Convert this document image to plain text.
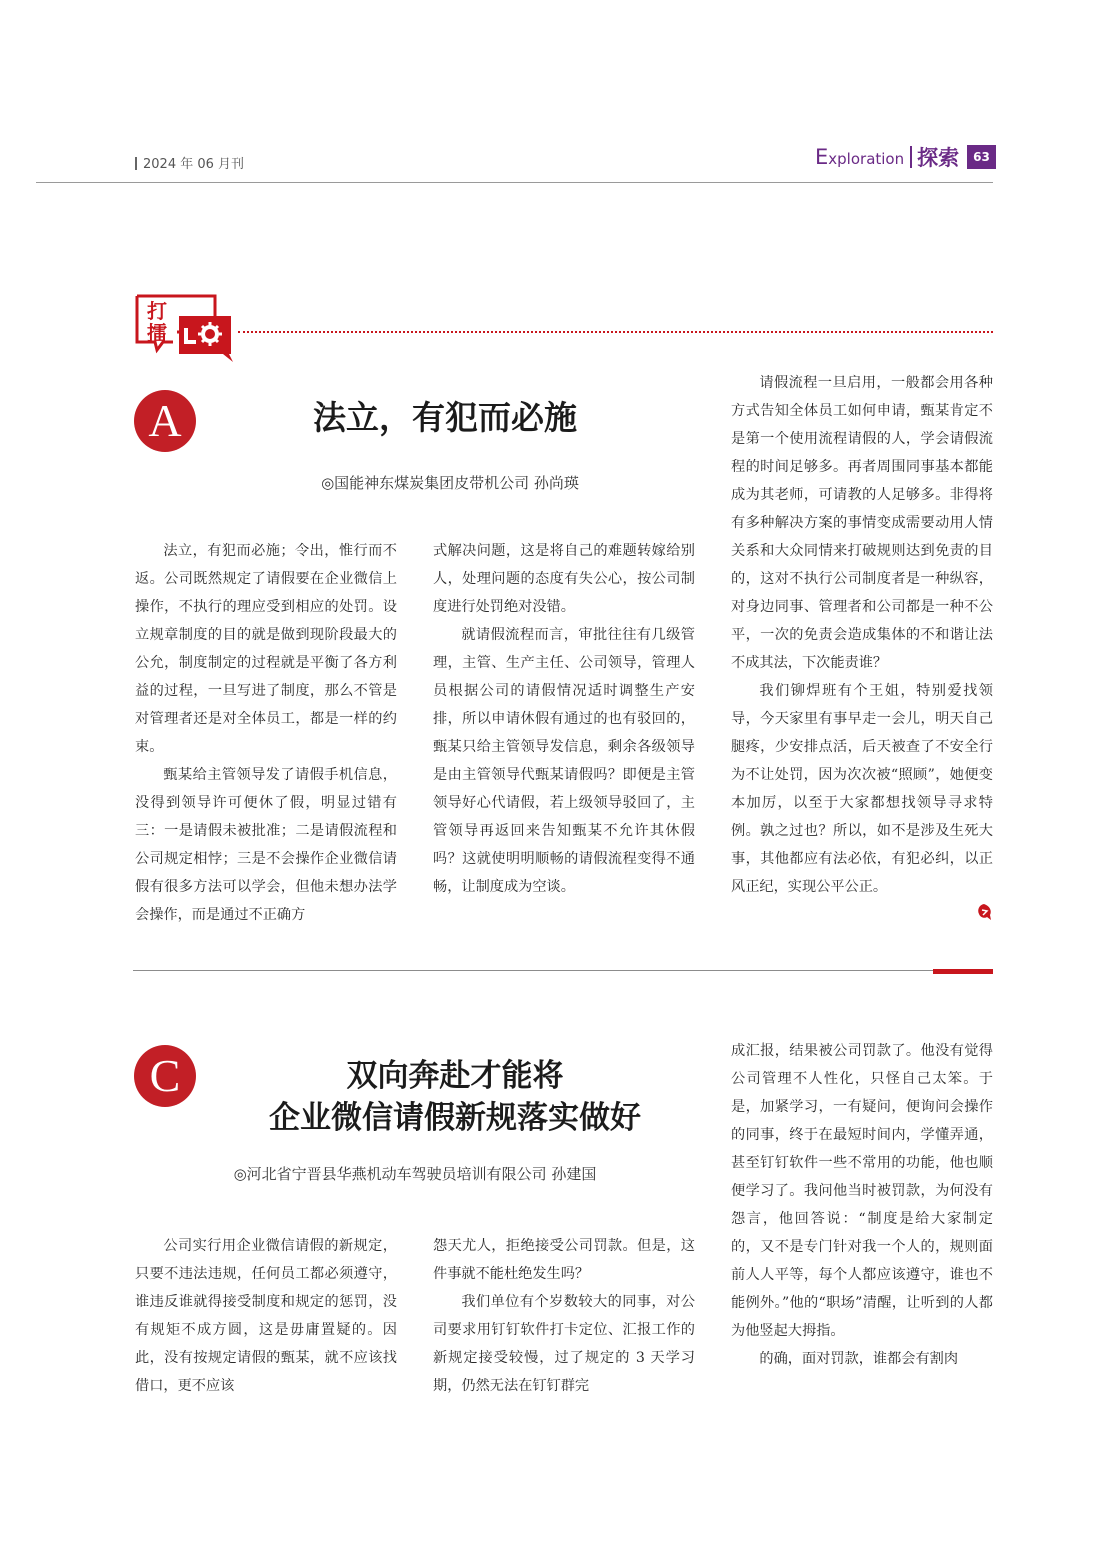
2024 年 06 月刊	Exploration 探索	63
打
擂
A	法立，有犯而必施
◎国能神东煤炭集团皮带机公司 孙尚瑛

法立，有犯而必施；令出，惟行而不返。公司既然规定了请假要在企业微信上操作，不执行的理应受到相应的处罚。设立规章制度的目的就是做到现阶段最大的公允，制度制定的过程就是平衡了各方利益的过程，一旦写进了制度，那么不管是对管理者还是对全体员工，都是一样的约束。

甄某给主管领导发了请假手机信息，没得到领导许可便休了假，明显过错有三：一是请假未被批准；二是请假流程和公司规定相悖；三是不会操作企业微信请假有很多方法可以学会，但他未想办法学会操作，而是通过不正确方

式解决问题，这是将自己的难题转嫁给别人，处理问题的态度有失公心，按公司制度进行处罚绝对没错。

就请假流程而言，审批往往有几级管理，主管、生产主任、公司领导，管理人员根据公司的请假情况适时调整生产安排，所以申请休假有通过的也有驳回的，甄某只给主管领导发信息，剩余各级领导是由主管领导代甄某请假吗？即便是主管领导好心代请假，若上级领导驳回了，主管领导再返回来告知甄某不允许其休假吗？这就使明明顺畅的请假流程变得不通畅，让制度成为空谈。

请假流程一旦启用，一般都会用各种方式告知全体员工如何申请，甄某肯定不是第一个使用流程请假的人，学会请假流程的时间足够多。再者周围同事基本都能成为其老师，可请教的人足够多。非得将有多种解决方案的事情变成需要动用人情关系和大众同情来打破规则达到免责的目的，这对不执行公司制度者是一种纵容，对身边同事、管理者和公司都是一种不公平，一次的免责会造成集体的不和谐让法不成其法，下次能责谁？

我们铆焊班有个王姐，特别爱找领导，今天家里有事早走一会儿，明天自己腿疼，少安排点活，后天被查了不安全行为不让处罚，因为次次被“照顾”，她便变本加厉，以至于大家都想找领导寻求特例。孰之过也？所以，如不是涉及生死大事，其他都应有法必依，有犯必纠，以正风正纪，实现公平公正。

C	双向奔赴才能将
企业微信请假新规落实做好
◎河北省宁晋县华燕机动车驾驶员培训有限公司 孙建国

公司实行用企业微信请假的新规定，只要不违法违规，任何员工都必须遵守，谁违反谁就得接受制度和规定的惩罚，没有规矩不成方圆，这是毋庸置疑的。因此，没有按规定请假的甄某，就不应该找借口，更不应该

怨天尤人，拒绝接受公司罚款。但是，这件事就不能杜绝发生吗？

我们单位有个岁数较大的同事，对公司要求用钉钉软件打卡定位、汇报工作的新规定接受较慢，过了规定的 3 天学习期，仍然无法在钉钉群完

成汇报，结果被公司罚款了。他没有觉得公司管理不人性化，只怪自己太笨。于是，加紧学习，一有疑问，便询问会操作的同事，终于在最短时间内，学懂弄通，甚至钉钉软件一些不常用的功能，他也顺便学习了。我问他当时被罚款，为何没有怨言，他回答说：“制度是给大家制定的，又不是专门针对我一个人的，规则面前人人平等，每个人都应该遵守，谁也不能例外。”他的“职场”清醒，让听到的人都为他竖起大拇指。

的确，面对罚款，谁都会有割肉
